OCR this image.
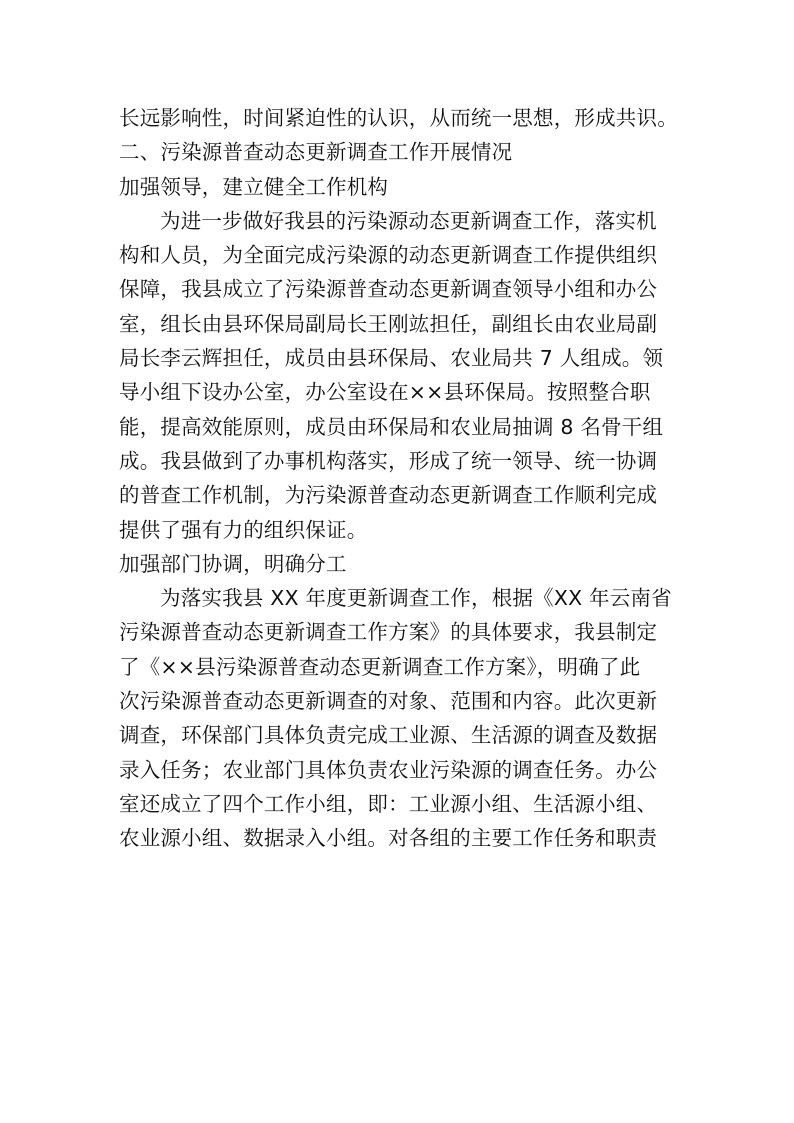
长远影响性，时间紧迫性的认识，从而统一思想，形成共识。
二、污染源普查动态更新调查工作开展情况
加强领导，建立健全工作机构
为进一步做好我县的污染源动态更新调查工作，落实机
构和人员，为全面完成污染源的动态更新调查工作提供组织
保障，我县成立了污染源普查动态更新调查领导小组和办公
室，组长由县环保局副局长王刚竑担任，副组长由农业局副
局长李云辉担任，成员由县环保局、农业局共 7 人组成。领
导小组下设办公室，办公室设在××县环保局。按照整合职
能，提高效能原则，成员由环保局和农业局抽调 8 名骨干组
成。我县做到了办事机构落实，形成了统一领导、统一协调
的普查工作机制，为污染源普查动态更新调查工作顺利完成
提供了强有力的组织保证。
加强部门协调，明确分工
为落实我县 XX 年度更新调查工作，根据《XX 年云南省
污染源普查动态更新调查工作方案》的具体要求，我县制定
了《××县污染源普查动态更新调查工作方案》，明确了此
次污染源普查动态更新调查的对象、范围和内容。此次更新
调查，环保部门具体负责完成工业源、生活源的调查及数据
录入任务；农业部门具体负责农业污染源的调查任务。办公
室还成立了四个工作小组，即：工业源小组、生活源小组、
农业源小组、数据录入小组。对各组的主要工作任务和职责
